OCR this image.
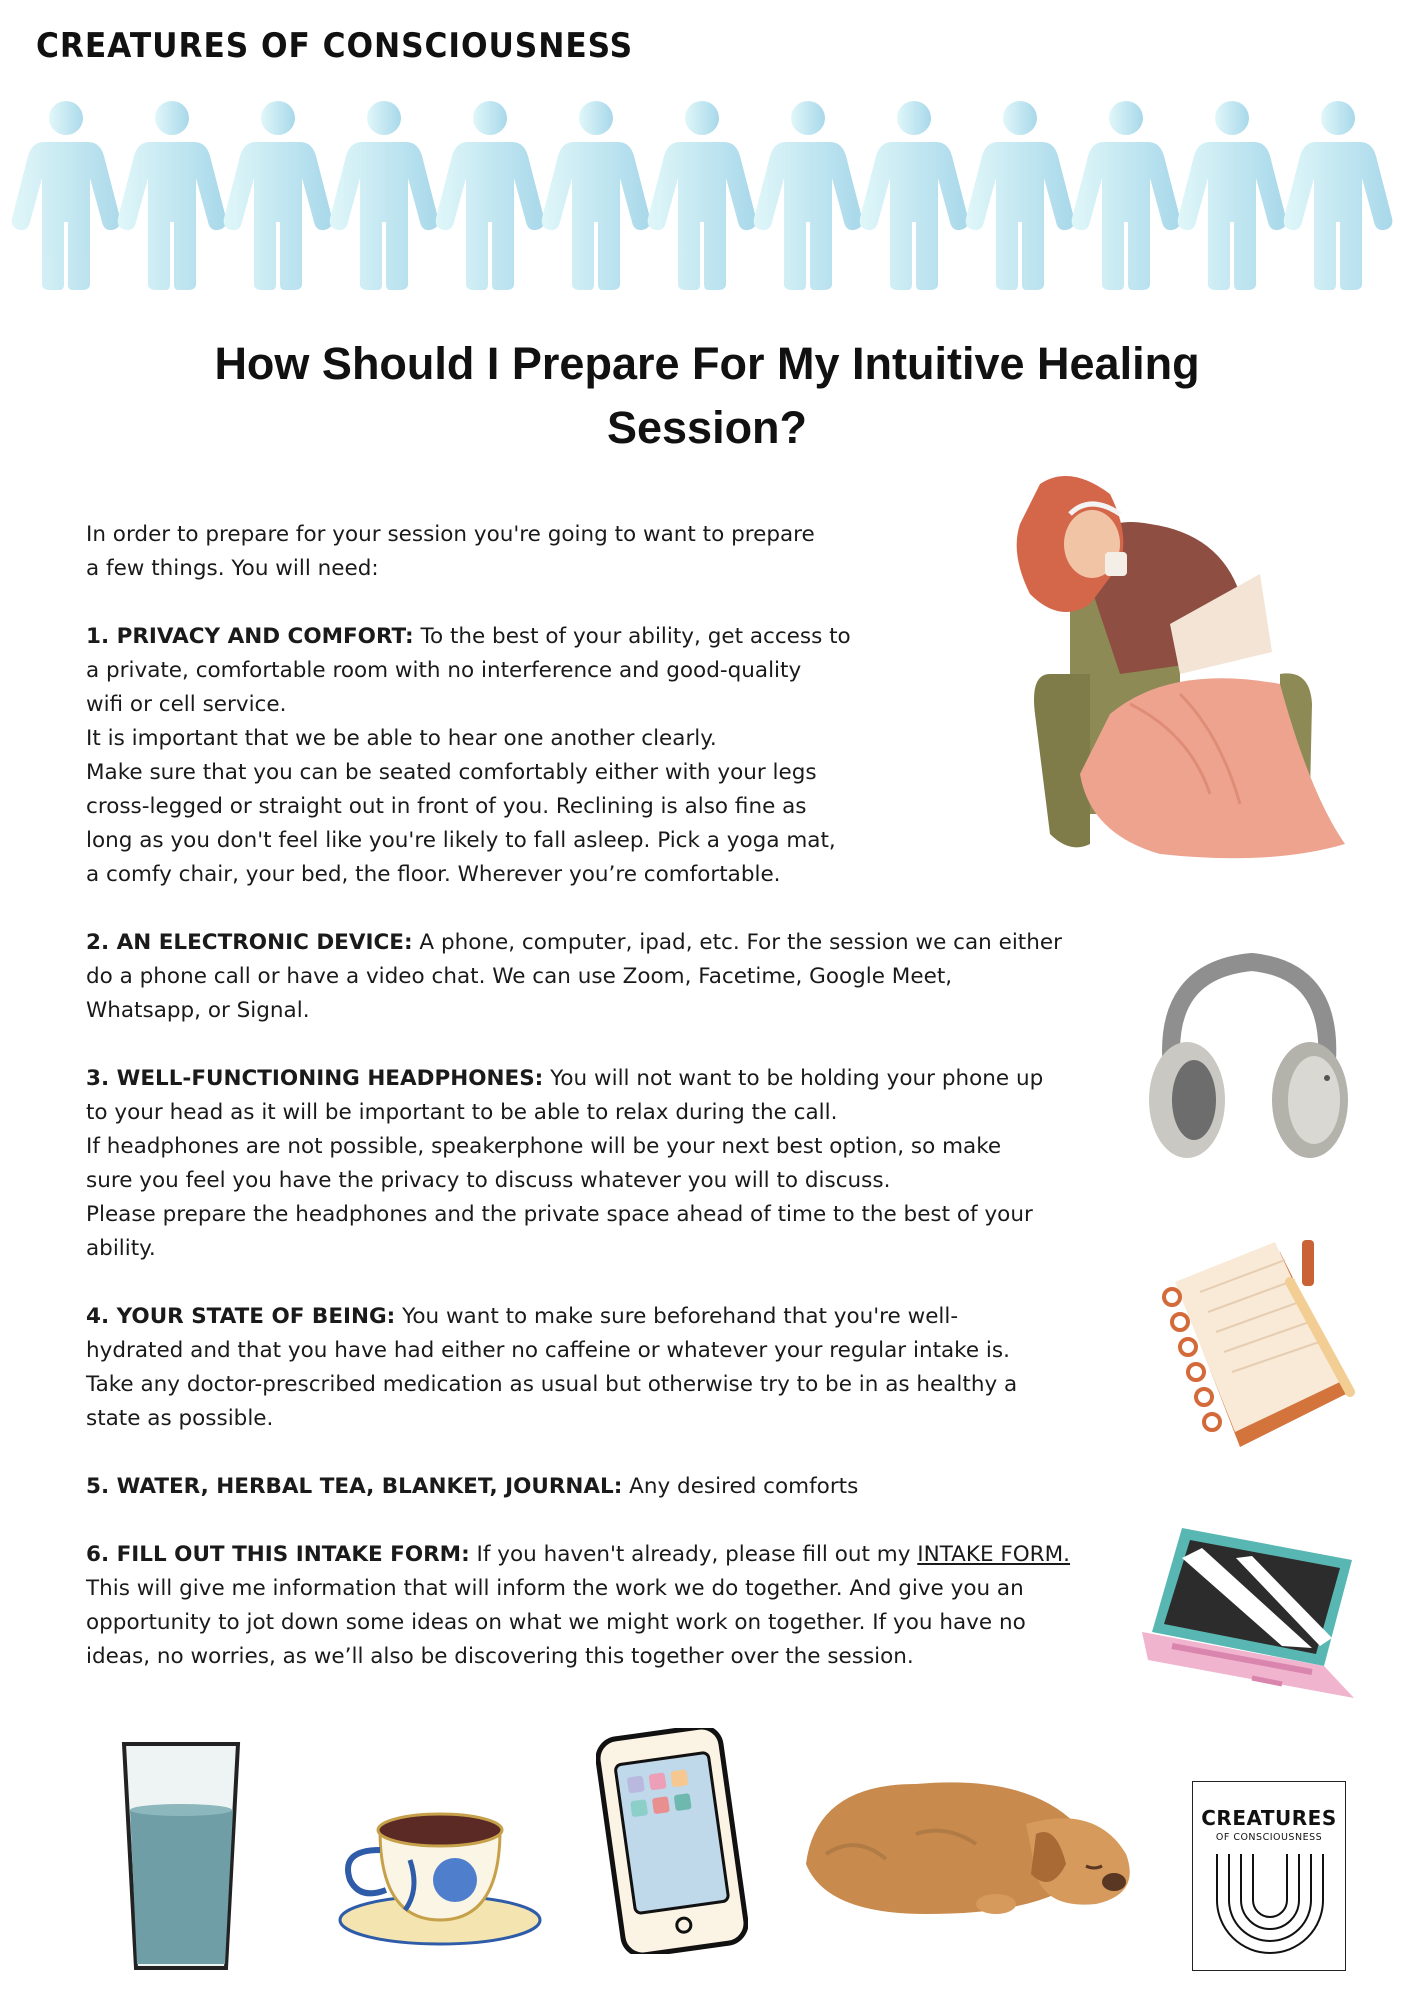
CREATURES OF CONSCIOUSNESS
How Should I Prepare For My Intuitive Healing
Session?
In order to prepare for your session you're going to want to prepare
a few things. You will need:
1. PRIVACY AND COMFORT: To the best of your ability, get access to
a private, comfortable room with no interference and good-quality
wifi or cell service.
It is important that we be able to hear one another clearly.
Make sure that you can be seated comfortably either with your legs
cross-legged or straight out in front of you. Reclining is also fine as
long as you don't feel like you're likely to fall asleep. Pick a yoga mat,
a comfy chair, your bed, the floor. Wherever you’re comfortable.
2. AN ELECTRONIC DEVICE: A phone, computer, ipad, etc. For the session we can either
do a phone call or have a video chat. We can use Zoom, Facetime, Google Meet,
Whatsapp, or Signal.
3. WELL-FUNCTIONING HEADPHONES: You will not want to be holding your phone up
to your head as it will be important to be able to relax during the call.
If headphones are not possible, speakerphone will be your next best option, so make
sure you feel you have the privacy to discuss whatever you will to discuss.
Please prepare the headphones and the private space ahead of time to the best of your
ability.
4. YOUR STATE OF BEING: You want to make sure beforehand that you're well-
hydrated and that you have had either no caffeine or whatever your regular intake is.
Take any doctor-prescribed medication as usual but otherwise try to be in as healthy a
state as possible.
5. WATER, HERBAL TEA, BLANKET, JOURNAL: Any desired comforts
6. FILL OUT THIS INTAKE FORM: If you haven't already, please fill out my INTAKE FORM.
This will give me information that will inform the work we do together. And give you an
opportunity to jot down some ideas on what we might work on together. If you have no
ideas, no worries, as we’ll also be discovering this together over the session.
CREATURES
OF CONSCIOUSNESS
